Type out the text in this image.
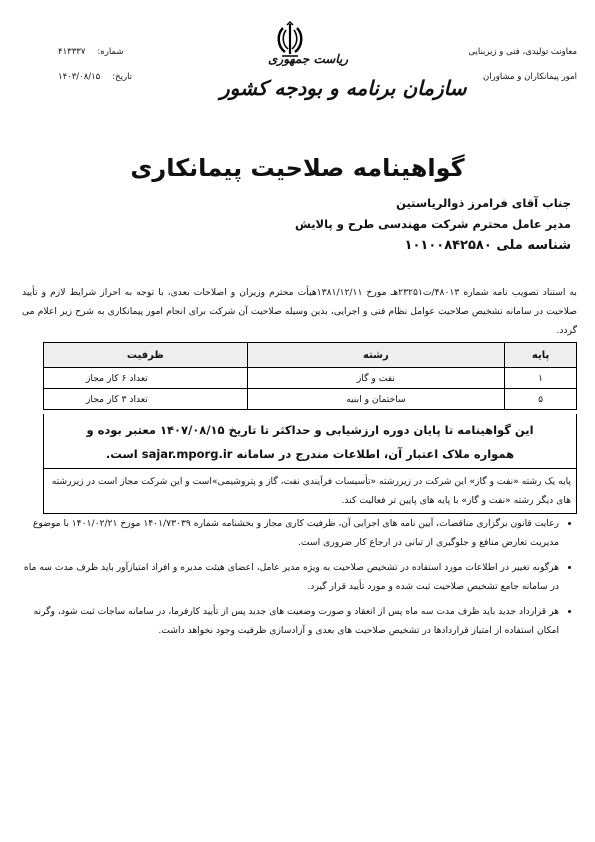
معاونت تولیدی، فنی و زیربنایی
امور پیمانکاران و مشاوران
شماره:
۴۱۳۳۳۷
تاریخ:
۱۴۰۳/۰۸/۱۵
ریاست جمهوری
سازمان برنامه و بودجه کشور
گواهینامه صلاحیت پیمانکاری
جناب آقای فرامرز ذوالریاستین
مدیر عامل محترم شرکت مهندسی طرح و پالایش
شناسه ملی ۱۰۱۰۰۸۴۲۵۸۰
به استناد تصویب نامه شماره ۴۸۰۱۳/ت۲۳۲۵۱هـ مورخ ۱۳۸۱/۱۲/۱۱هیأت محترم وزیران و اصلاحات بعدی، با توجه به احراز شرایط لازم و تأیید صلاحیت در سامانه تشخیص صلاحیت عوامل نظام فنی و اجرایی، بدین وسیله صلاحیت آن شرکت برای انجام امور پیمانکاری به شرح زیر اعلام می گردد.
پایه	رشته	ظرفیت
۱	نفت و گاز	تعداد ۶ کار مجاز
۵	ساختمان و ابنیه	تعداد ۳ کار مجاز
این گواهینامه تا پایان دوره ارزشیابی و حداکثر تا تاریخ ۱۴۰۷/۰۸/۱۵ معتبر بوده و
همواره ملاک اعتبار آن، اطلاعات مندرج در سامانه sajar.mporg.ir است.
پایه یک رشته «نفت و گاز» این شرکت در زیررشته «تأسیسات فرآیندی نفت، گاز و پتروشیمی»است و این شرکت مجاز است در زیررشته های دیگر رشته «نفت و گاز» با پایه های پایین تر فعالیت کند.
• رعایت قانون برگزاری مناقصات، آیین نامه های اجرایی آن، ظرفیت کاری مجاز و بخشنامه شماره ۱۴۰۱/۷۳۰۳۹ مورخ ۱۴۰۱/۰۲/۲۱ با موضوع مدیریت تعارض منافع و جلوگیری از تبانی در ارجاع کار ضروری است.
• هرگونه تغییر در اطلاعات مورد استفاده در تشخیص صلاحیت به ویژه مدیر عامل، اعضای هیئت مدیره و افراد امتیازآور باید ظرف مدت سه ماه در سامانه جامع تشخیص صلاحیت ثبت شده و مورد تأیید قرار گیرد.
• هر قرارداد جدید باید ظرف مدت سه ماه پس از انعقاد و صورت وضعیت های جدید پس از تأیید کارفرما، در سامانه ساجات ثبت شود، وگرنه امکان استفاده از امتیاز قراردادها در تشخیص صلاحیت های بعدی و آزادسازی ظرفیت وجود نخواهد داشت.
